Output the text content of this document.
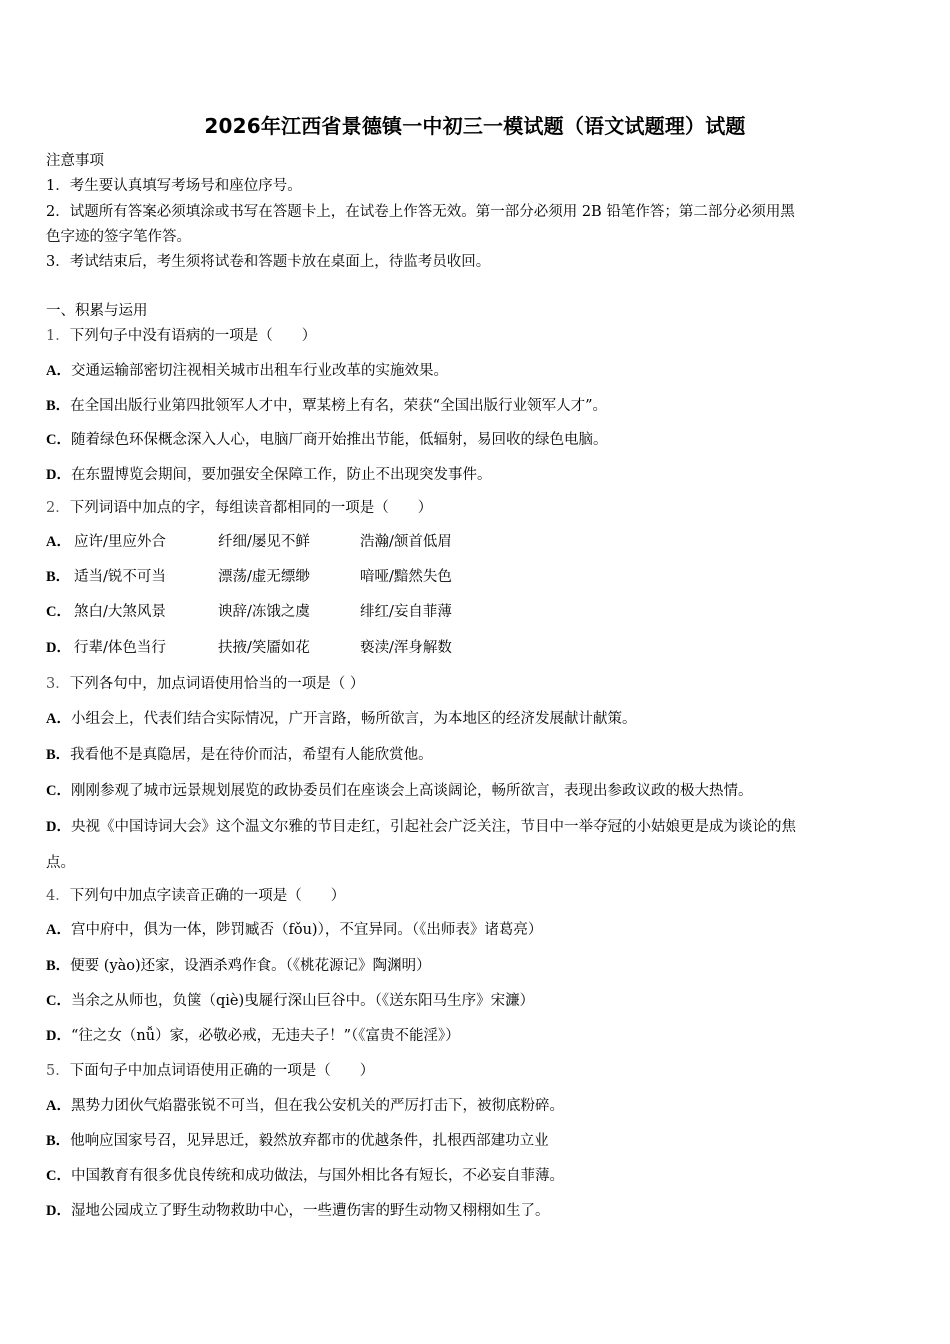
2026年江西省景德镇一中初三一模试题（语文试题理）试题
注意事项
1．考生要认真填写考场号和座位序号。
2．试题所有答案必须填涂或书写在答题卡上，在试卷上作答无效。第一部分必须用 2B 铅笔作答；第二部分必须用黑
色字迹的签字笔作答。
3．考试结束后，考生须将试卷和答题卡放在桌面上，待监考员收回。
一、积累与运用
1．下列句子中没有语病的一项是（　　）
A．交通运输部密切注视相关城市出租车行业改革的实施效果。
B．在全国出版行业第四批领军人才中，覃某榜上有名，荣获“全国出版行业领军人才”。
C．随着绿色环保概念深入人心，电脑厂商开始推出节能，低辐射，易回收的绿色电脑。
D．在东盟博览会期间，要加强安全保障工作，防止不出现突发事件。
2．下列词语中加点的字，每组读音都相同的一项是（　　）
A． 应许/里应外合	纤细/屡见不鲜	浩瀚/颔首低眉
B． 适当/锐不可当	漂荡/虚无缥缈	喑哑/黯然失色
C． 煞白/大煞风景	谀辞/冻饿之虞	绯红/妄自菲薄
D． 行辈/体色当行	扶掖/笑靥如花	亵渎/浑身解数
3．下列各句中，加点词语使用恰当的一项是（ ）
A．小组会上，代表们结合实际情况，广开言路，畅所欲言，为本地区的经济发展献计献策。
B．我看他不是真隐居，是在待价而沽，希望有人能欣赏他。
C．刚刚参观了城市远景规划展览的政协委员们在座谈会上高谈阔论，畅所欲言，表现出参政议政的极大热情。
D．央视《中国诗词大会》这个温文尔雅的节目走红，引起社会广泛关注，节目中一举夺冠的小姑娘更是成为谈论的焦
点。
4．下列句中加点字读音正确的一项是（　　）
A．宫中府中，俱为一体，陟罚臧否（fǒu)），不宜异同。（《出师表》诸葛亮）
B．便要 (yào)还家，设酒杀鸡作食。（《桃花源记》陶渊明）
C．当余之从师也，负箧（qiè)曳屣行深山巨谷中。（《送东阳马生序》宋濂）
D．“往之女（nǚ）家，必敬必戒，无违夫子！”（《富贵不能淫》）
5．下面句子中加点词语使用正确的一项是（　　）
A．黑势力团伙气焰嚣张锐不可当，但在我公安机关的严厉打击下，被彻底粉碎。
B．他响应国家号召，见异思迁，毅然放弃都市的优越条件，扎根西部建功立业
C．中国教育有很多优良传统和成功做法，与国外相比各有短长，不必妄自菲薄。
D．湿地公园成立了野生动物救助中心，一些遭伤害的野生动物又栩栩如生了。
